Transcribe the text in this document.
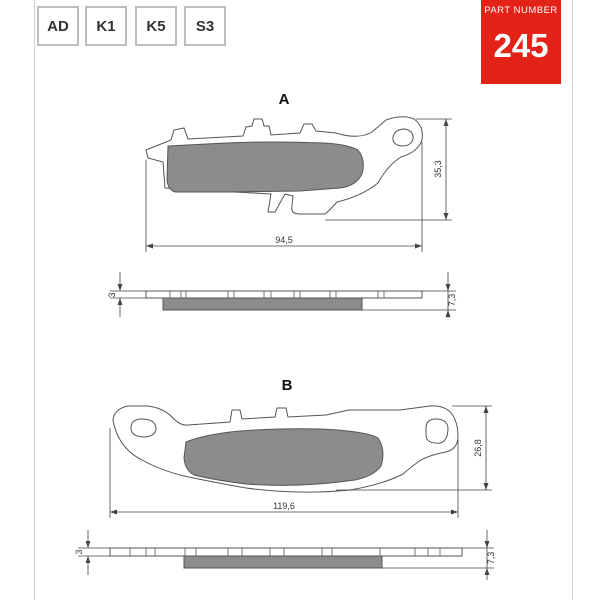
AD	K1	K5	S3
PART NUMBER
245
A
94,5
35,3
3	7,3
B
119,6
26,8
3	7,3
